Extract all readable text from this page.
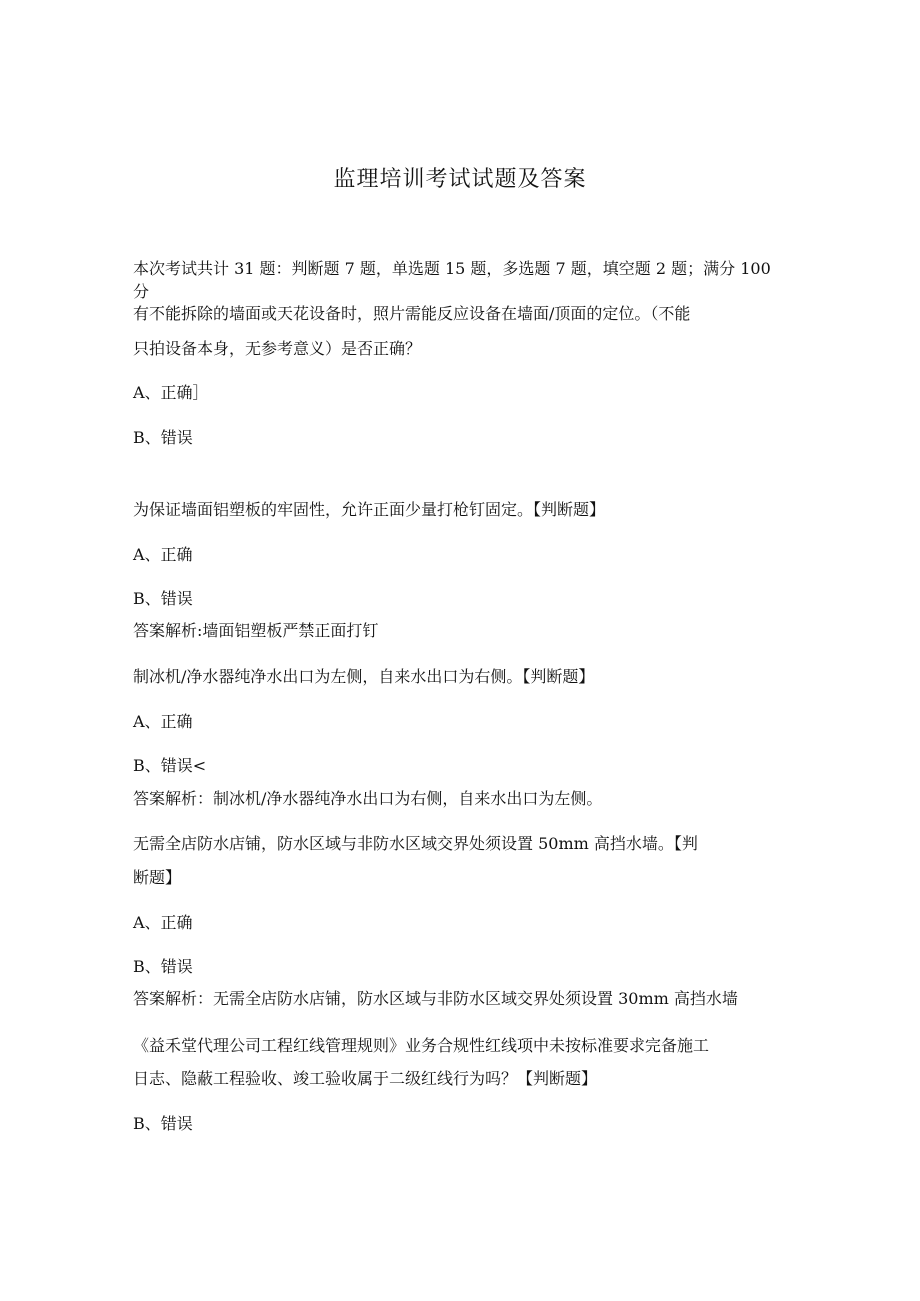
监理培训考试试题及答案
本次考试共计 31 题：判断题 7 题，单选题 15 题，多选题 7 题，填空题 2 题；满分 100
分
有不能拆除的墙面或天花设备时，照片需能反应设备在墙面/顶面的定位。（不能
只拍设备本身，无参考意义）是否正确？
A、正确］
B、错误
为保证墙面铝塑板的牢固性，允许正面少量打枪钉固定。【判断题】
A、正确
B、错误
答案解析:墙面铝塑板严禁正面打钉
制冰机/净水器纯净水出口为左侧，自来水出口为右侧。【判断题】
A、正确
B、错误<
答案解析：制冰机/净水器纯净水出口为右侧，自来水出口为左侧。
无需全店防水店铺，防水区域与非防水区域交界处须设置 50mm 高挡水墙。【判
断题】
A、正确
B、错误
答案解析：无需全店防水店铺，防水区域与非防水区域交界处须设置 30mm 高挡水墙
《益禾堂代理公司工程红线管理规则》业务合规性红线项中未按标准要求完备施工
日志、隐蔽工程验收、竣工验收属于二级红线行为吗？【判断题】
B、错误
